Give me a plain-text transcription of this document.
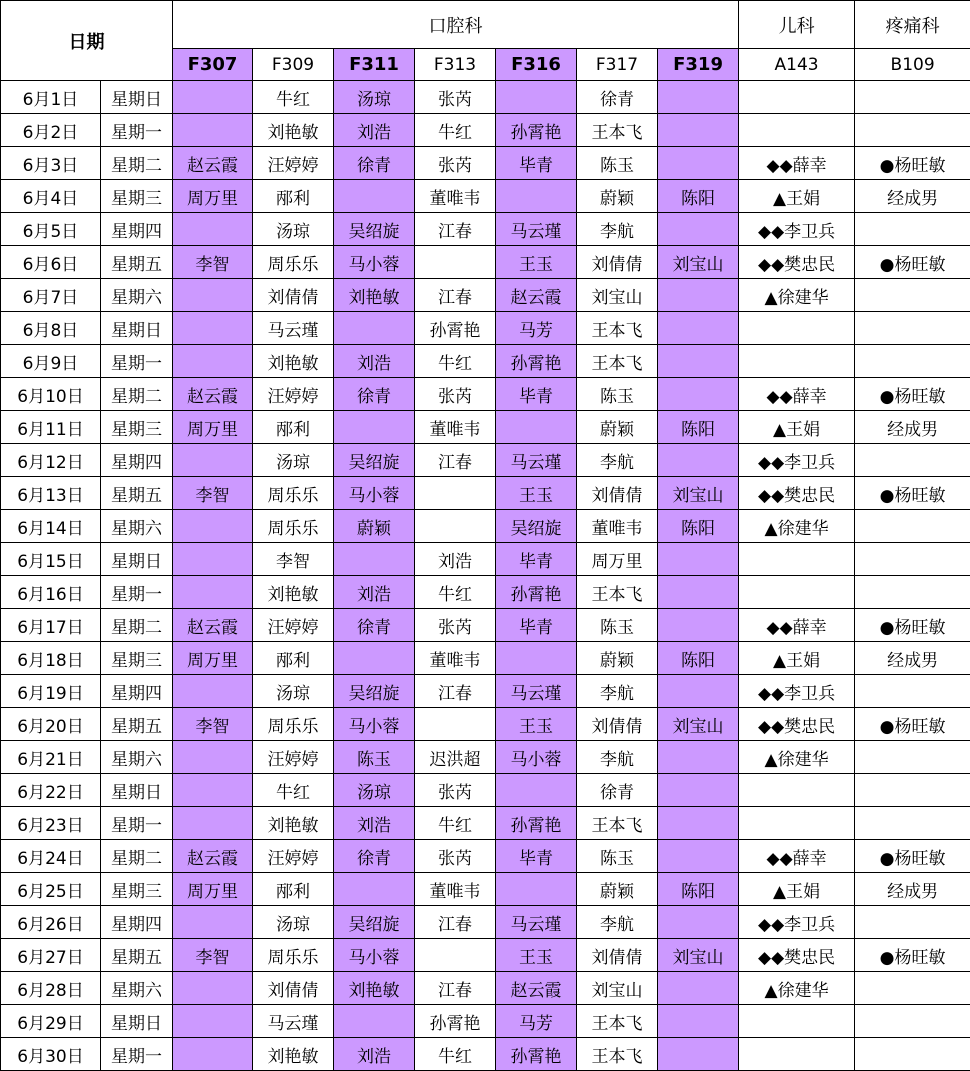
日期		口腔科							儿科	疼痛科
		F307	F309	F311	F313	F316	F317	F319	A143	B109
6月1日	星期日		牛红	汤琼	张芮		徐青			
6月2日	星期一		刘艳敏	刘浩	牛红	孙霄艳	王本飞			
6月3日	星期二	赵云霞	汪婷婷	徐青	张芮	毕青	陈玉		◆◆薛幸	●杨旺敏
6月4日	星期三	周万里	邴利		董唯韦		蔚颖	陈阳	▲王娟	经成男
6月5日	星期四		汤琼	吴绍旋	江春	马云瑾	李航		◆◆李卫兵	
6月6日	星期五	李智	周乐乐	马小蓉		王玉	刘倩倩	刘宝山	◆◆樊忠民	●杨旺敏
6月7日	星期六		刘倩倩	刘艳敏	江春	赵云霞	刘宝山		▲徐建华	
6月8日	星期日		马云瑾		孙霄艳	马芳	王本飞			
6月9日	星期一		刘艳敏	刘浩	牛红	孙霄艳	王本飞			
6月10日	星期二	赵云霞	汪婷婷	徐青	张芮	毕青	陈玉		◆◆薛幸	●杨旺敏
6月11日	星期三	周万里	邴利		董唯韦		蔚颖	陈阳	▲王娟	经成男
6月12日	星期四		汤琼	吴绍旋	江春	马云瑾	李航		◆◆李卫兵	
6月13日	星期五	李智	周乐乐	马小蓉		王玉	刘倩倩	刘宝山	◆◆樊忠民	●杨旺敏
6月14日	星期六		周乐乐	蔚颖		吴绍旋	董唯韦	陈阳	▲徐建华	
6月15日	星期日		李智		刘浩	毕青	周万里			
6月16日	星期一		刘艳敏	刘浩	牛红	孙霄艳	王本飞			
6月17日	星期二	赵云霞	汪婷婷	徐青	张芮	毕青	陈玉		◆◆薛幸	●杨旺敏
6月18日	星期三	周万里	邴利		董唯韦		蔚颖	陈阳	▲王娟	经成男
6月19日	星期四		汤琼	吴绍旋	江春	马云瑾	李航		◆◆李卫兵	
6月20日	星期五	李智	周乐乐	马小蓉		王玉	刘倩倩	刘宝山	◆◆樊忠民	●杨旺敏
6月21日	星期六		汪婷婷	陈玉	迟洪超	马小蓉	李航		▲徐建华	
6月22日	星期日		牛红	汤琼	张芮		徐青			
6月23日	星期一		刘艳敏	刘浩	牛红	孙霄艳	王本飞			
6月24日	星期二	赵云霞	汪婷婷	徐青	张芮	毕青	陈玉		◆◆薛幸	●杨旺敏
6月25日	星期三	周万里	邴利		董唯韦		蔚颖	陈阳	▲王娟	经成男
6月26日	星期四		汤琼	吴绍旋	江春	马云瑾	李航		◆◆李卫兵	
6月27日	星期五	李智	周乐乐	马小蓉		王玉	刘倩倩	刘宝山	◆◆樊忠民	●杨旺敏
6月28日	星期六		刘倩倩	刘艳敏	江春	赵云霞	刘宝山		▲徐建华	
6月29日	星期日		马云瑾		孙霄艳	马芳	王本飞			
6月30日	星期一		刘艳敏	刘浩	牛红	孙霄艳	王本飞			
